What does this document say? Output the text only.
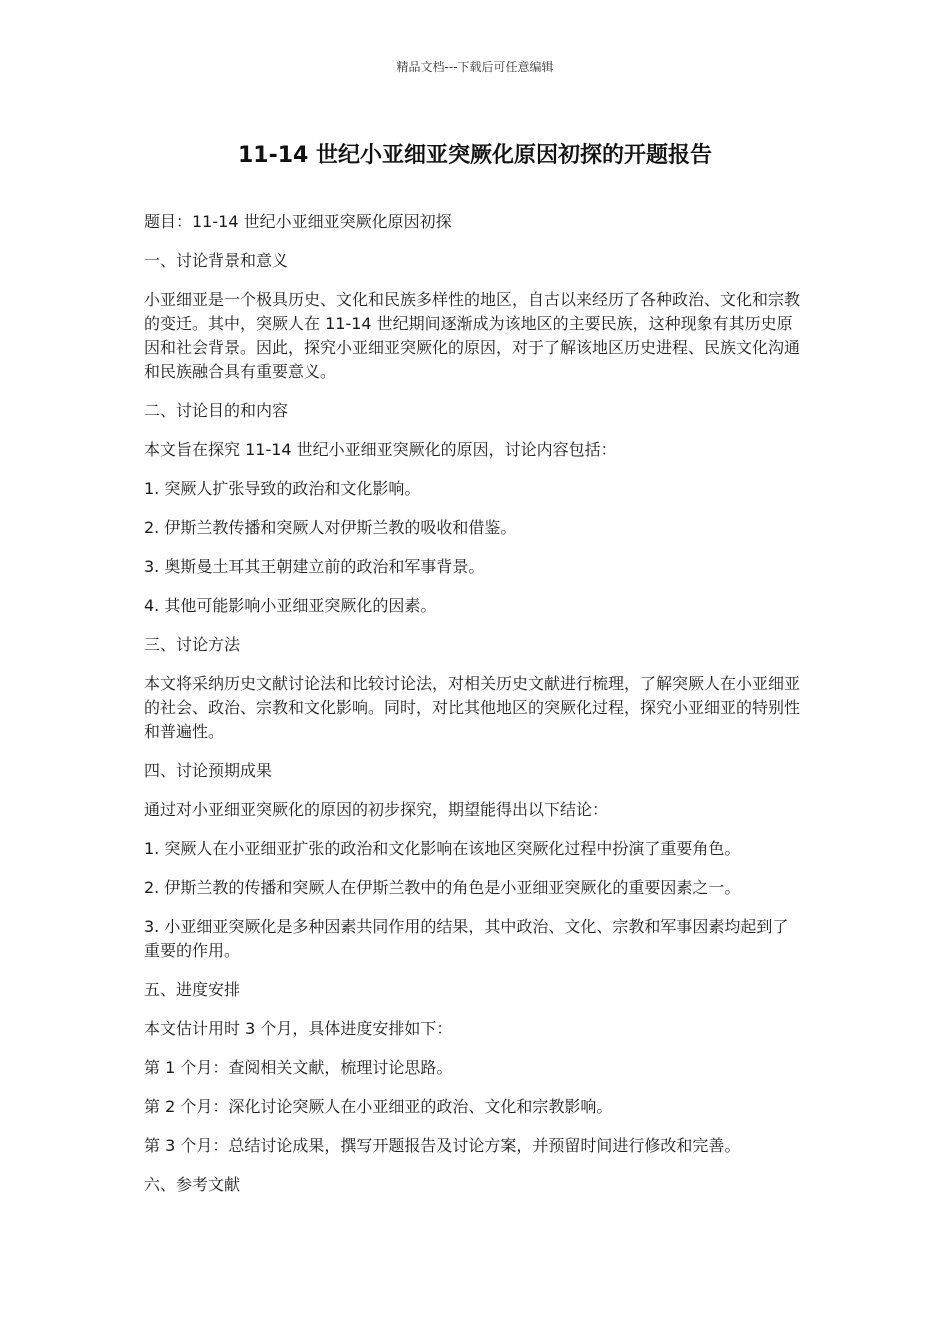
精品文档---下载后可任意编辑
11-14 世纪小亚细亚突厥化原因初探的开题报告

题目：11-14 世纪小亚细亚突厥化原因初探

一、讨论背景和意义

小亚细亚是一个极具历史、文化和民族多样性的地区，自古以来经历了各种政治、文化和宗教的变迁。其中，突厥人在 11-14 世纪期间逐渐成为该地区的主要民族，这种现象有其历史原因和社会背景。因此，探究小亚细亚突厥化的原因，对于了解该地区历史进程、民族文化沟通和民族融合具有重要意义。

二、讨论目的和内容

本文旨在探究 11-14 世纪小亚细亚突厥化的原因，讨论内容包括：

1. 突厥人扩张导致的政治和文化影响。

2. 伊斯兰教传播和突厥人对伊斯兰教的吸收和借鉴。

3. 奥斯曼土耳其王朝建立前的政治和军事背景。

4. 其他可能影响小亚细亚突厥化的因素。

三、讨论方法

本文将采纳历史文献讨论法和比较讨论法，对相关历史文献进行梳理，了解突厥人在小亚细亚的社会、政治、宗教和文化影响。同时，对比其他地区的突厥化过程，探究小亚细亚的特别性和普遍性。

四、讨论预期成果

通过对小亚细亚突厥化的原因的初步探究，期望能得出以下结论：

1. 突厥人在小亚细亚扩张的政治和文化影响在该地区突厥化过程中扮演了重要角色。

2. 伊斯兰教的传播和突厥人在伊斯兰教中的角色是小亚细亚突厥化的重要因素之一。

3. 小亚细亚突厥化是多种因素共同作用的结果，其中政治、文化、宗教和军事因素均起到了重要的作用。

五、进度安排

本文估计用时 3 个月，具体进度安排如下：

第 1 个月：查阅相关文献，梳理讨论思路。

第 2 个月：深化讨论突厥人在小亚细亚的政治、文化和宗教影响。

第 3 个月：总结讨论成果，撰写开题报告及讨论方案，并预留时间进行修改和完善。

六、参考文献
